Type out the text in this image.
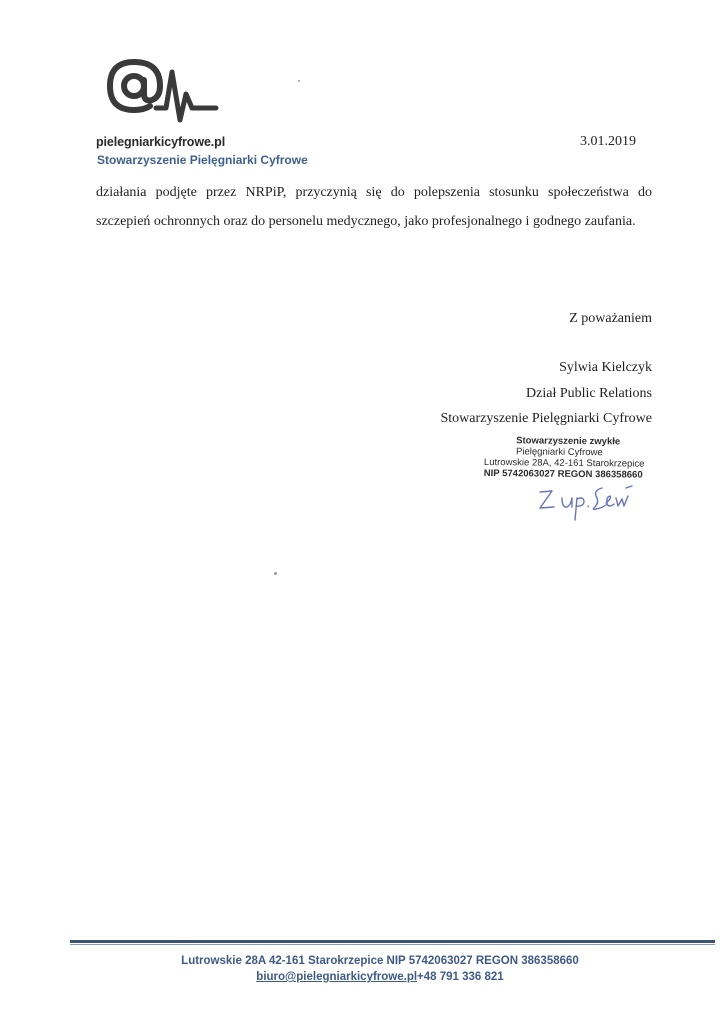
pielegniarkicyfrowe.pl
Stowarzyszenie Pielęgniarki Cyfrowe
3.01.2019

działania podjęte przez NRPiP, przyczynią się do polepszenia stosunku społeczeństwa do szczepień ochronnych oraz do personelu medycznego, jako profesjonalnego i godnego zaufania.

Z poważaniem
Sylwia Kielczyk
Dział Public Relations
Stowarzyszenie Pielęgniarki Cyfrowe
Stowarzyszenie zwykłe
Pielęgniarki Cyfrowe
Lutrowskie 28A, 42-161 Starokrzepice
NIP 5742063027 REGON 386358660
Lutrowskie 28A 42-161 Starokrzepice NIP 5742063027 REGON 386358660
biuro@pielegniarkicyfrowe.pl+48 791 336 821
